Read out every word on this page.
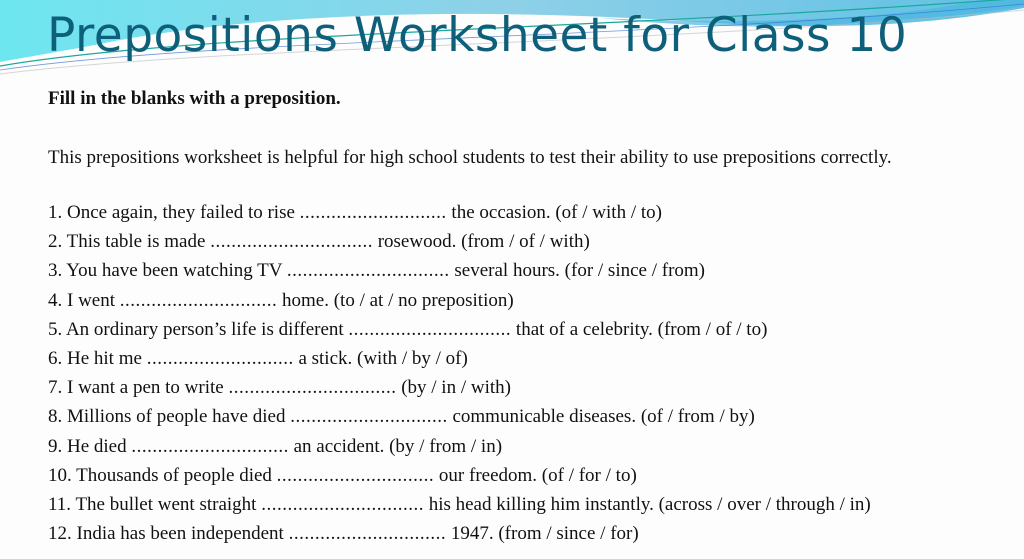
Prepositions Worksheet for Class 10

Fill in the blanks with a preposition.

This prepositions worksheet is helpful for high school students to test their ability to use prepositions correctly.

1. Once again, they failed to rise ............................ the occasion. (of / with / to)
2. This table is made ............................... rosewood. (from / of / with)
3. You have been watching TV ............................... several hours. (for / since / from)
4. I went .............................. home. (to / at / no preposition)
5. An ordinary person’s life is different ............................... that of a celebrity. (from / of / to)
6. He hit me ............................ a stick. (with / by / of)
7. I want a pen to write ................................ (by / in / with)
8. Millions of people have died .............................. communicable diseases. (of / from / by)
9. He died .............................. an accident. (by / from / in)
10. Thousands of people died .............................. our freedom. (of / for / to)
11. The bullet went straight ............................... his head killing him instantly. (across / over / through / in)
12. India has been independent .............................. 1947. (from / since / for)
